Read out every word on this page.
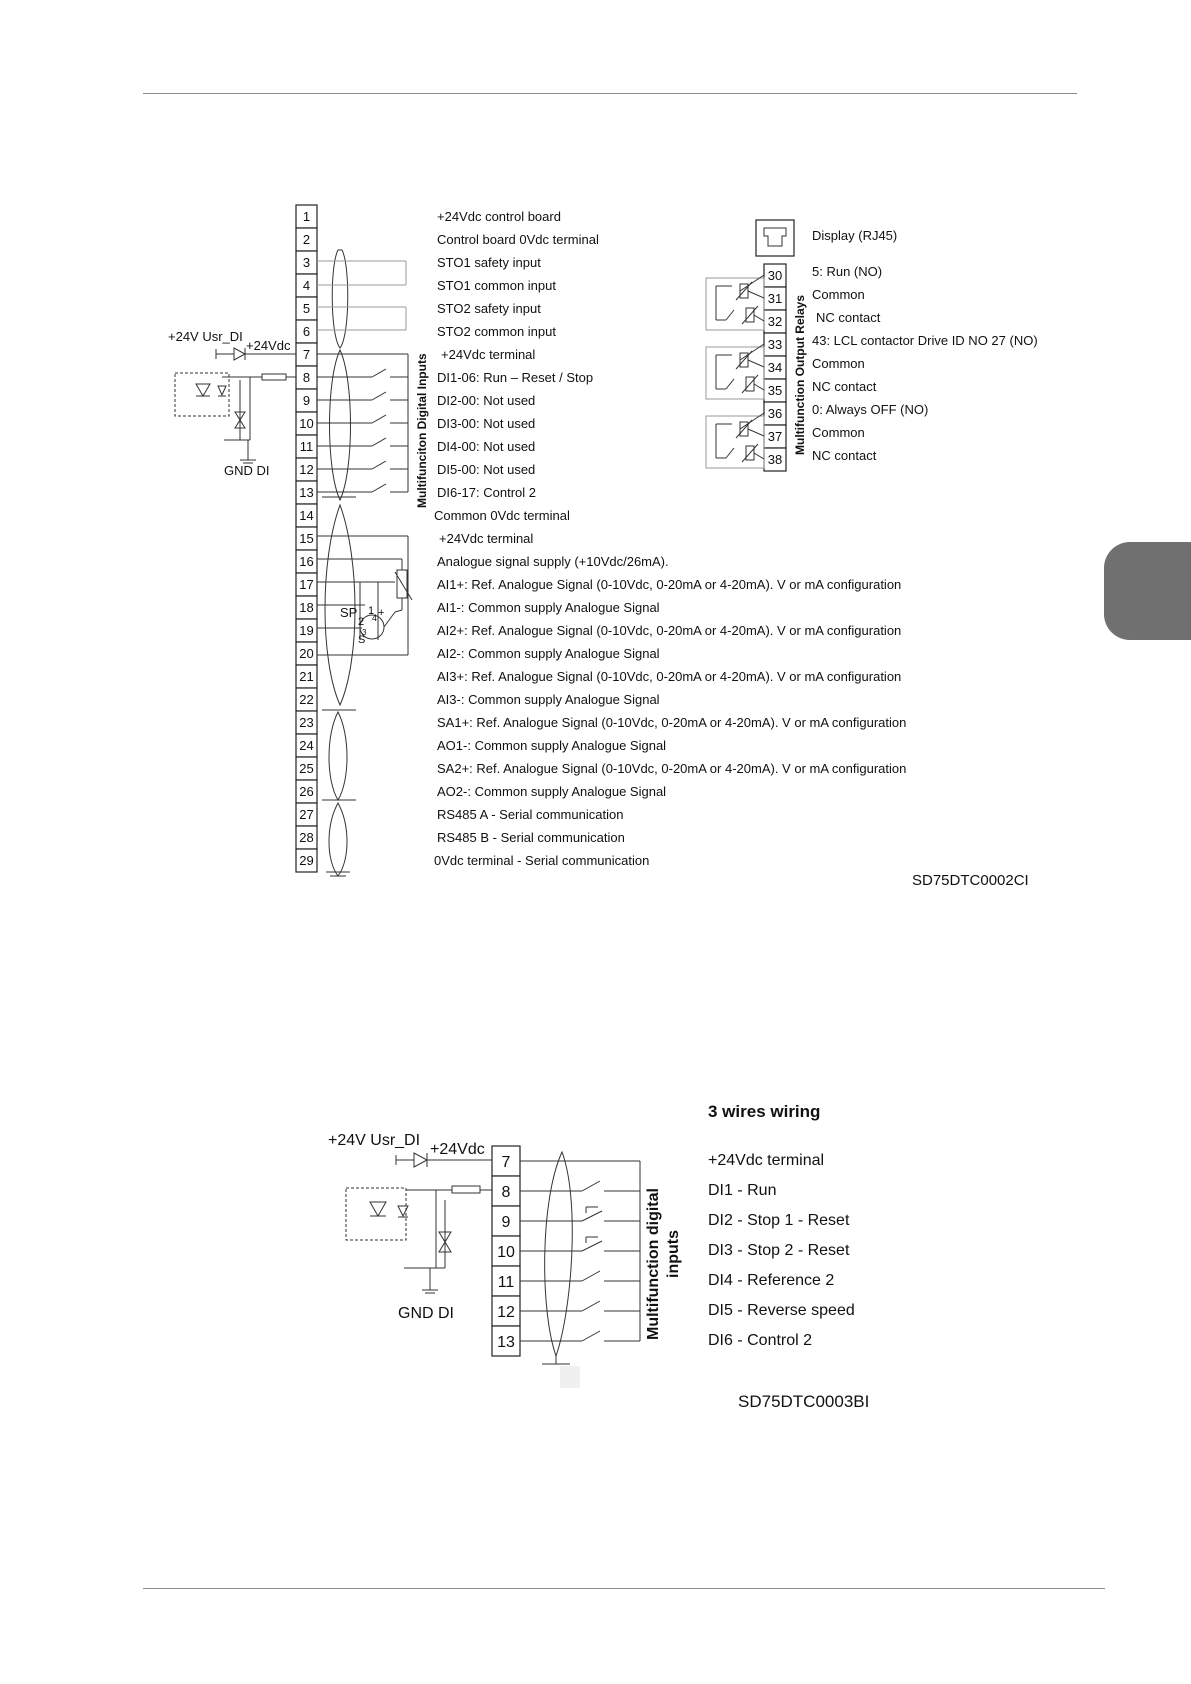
1
2
3
4
5
6
7
8
9
10
11
12
13
14
15
16
17
18
19
20
21
22
23
24
25
26
27
28
29
+24Vdc control board
Control board 0Vdc terminal
STO1 safety input
STO1 common input
STO2 safety input
STO2 common input
+24Vdc terminal
DI1-06: Run – Reset / Stop
DI2-00: Not used
DI3-00: Not used
DI4-00: Not used
DI5-00: Not used
DI6-17: Control 2
Common 0Vdc terminal
+24Vdc terminal
Analogue signal supply (+10Vdc/26mA).
AI1+: Ref. Analogue Signal (0-10Vdc, 0-20mA or 4-20mA). V or mA configuration
AI1-: Common supply Analogue Signal
AI2+: Ref. Analogue Signal (0-10Vdc, 0-20mA or 4-20mA). V or mA configuration
AI2-: Common supply Analogue Signal
AI3+: Ref. Analogue Signal (0-10Vdc, 0-20mA or 4-20mA). V or mA configuration
AI3-: Common supply Analogue Signal
SA1+: Ref. Analogue Signal (0-10Vdc, 0-20mA or 4-20mA). V or mA configuration
AO1-: Common supply Analogue Signal
SA2+: Ref. Analogue Signal (0-10Vdc, 0-20mA or 4-20mA). V or mA configuration
AO2-: Common supply Analogue Signal
RS485 A - Serial communication
RS485 B - Serial communication
0Vdc terminal - Serial communication
SP 1 +
4
2
3
S
+24V Usr_DI
+24Vdc
GND DI	Multifunciton Digital Inputs
Display (RJ45)
30
31
32
33
34
35
36
37
38
5: Run (NO)
Common
NC contact
43: LCL contactor Drive ID NO 27 (NO)
Common
NC contact
0: Always OFF (NO)
Common
NC contact
Multifunction Output Relays
SD75DTC0002CI
3 wires wiring
7
8
9
10
11
12
13
+24Vdc terminal
DI1 - Run
DI2 - Stop 1 - Reset
DI3 - Stop 2 - Reset
DI4 - Reference 2
DI5 - Reverse speed
DI6 - Control 2
+24V Usr_DI
+24Vdc
GND DI	Multifunction digital inputs
SD75DTC0003BI
